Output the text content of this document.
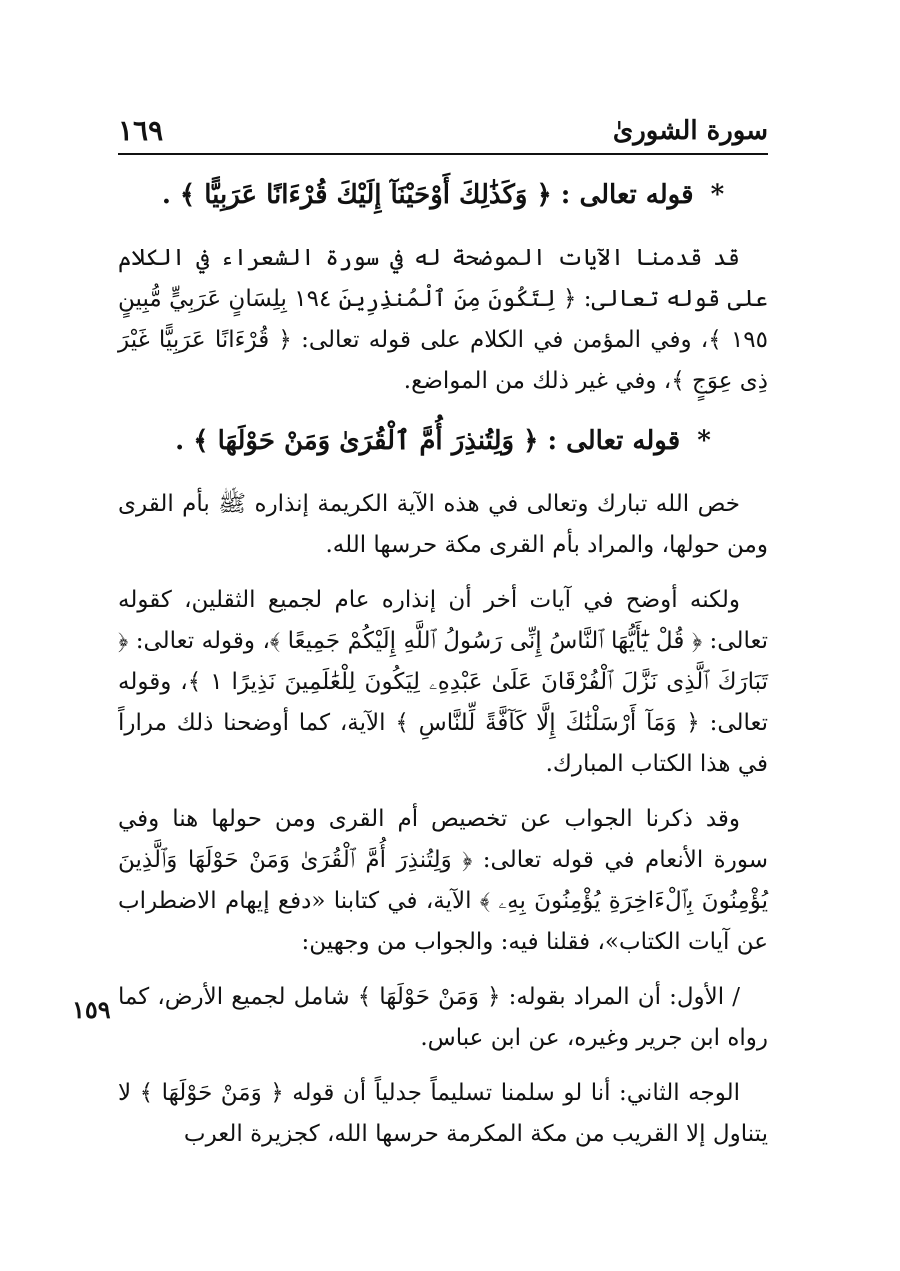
سورة الشورىٰ
١٦٩

* قوله تعالى : ﴿ وَكَذَٰلِكَ أَوْحَيْنَآ إِلَيْكَ قُرْءَانًا عَرَبِيًّا ﴾ .

قد قدمنا الآيات الموضحة له في سورة الشعراء في الكلام على قوله تعالى: ﴿ لِتَكُونَ مِنَ ٱلْمُنذِرِينَ ١٩٤ بِلِسَانٍ عَرَبِيٍّ مُّبِينٍ ١٩٥ ﴾، وفي المؤمن في الكلام على قوله تعالى: ﴿ قُرْءَانًا عَرَبِيًّا غَيْرَ ذِى عِوَجٍ ﴾، وفي غير ذلك من المواضع.

* قوله تعالى : ﴿ وَلِتُنذِرَ أُمَّ ٱلْقُرَىٰ وَمَنْ حَوْلَهَا ﴾ .

خص الله تبارك وتعالى في هذه الآية الكريمة إنذاره ﷺ بأم القرى ومن حولها، والمراد بأم القرى مكة حرسها الله.

ولكنه أوضح في آيات أخر أن إنذاره عام لجميع الثقلين، كقوله تعالى: ﴿ قُلْ يَٰٓأَيُّهَا ٱلنَّاسُ إِنِّى رَسُولُ ٱللَّهِ إِلَيْكُمْ جَمِيعًا ﴾، وقوله تعالى: ﴿ تَبَارَكَ ٱلَّذِى نَزَّلَ ٱلْفُرْقَانَ عَلَىٰ عَبْدِهِۦ لِيَكُونَ لِلْعَٰلَمِينَ نَذِيرًا ١ ﴾، وقوله تعالى: ﴿ وَمَآ أَرْسَلْنَٰكَ إِلَّا كَآفَّةً لِّلنَّاسِ ﴾ الآية، كما أوضحنا ذلك مراراً في هذا الكتاب المبارك.

وقد ذكرنا الجواب عن تخصيص أم القرى ومن حولها هنا وفي سورة الأنعام في قوله تعالى: ﴿ وَلِتُنذِرَ أُمَّ ٱلْقُرَىٰ وَمَنْ حَوْلَهَا وَٱلَّذِينَ يُؤْمِنُونَ بِٱلْءَاخِرَةِ يُؤْمِنُونَ بِهِۦ ﴾ الآية، في كتابنا «دفع إيهام الاضطراب عن آيات الكتاب»، فقلنا فيه: والجواب من وجهين:

/ الأول: أن المراد بقوله: ﴿ وَمَنْ حَوْلَهَا ﴾ شامل لجميع الأرض، كما رواه ابن جرير وغيره، عن ابن عباس.

الوجه الثاني: أنا لو سلمنا تسليماً جدلياً أن قوله ﴿ وَمَنْ حَوْلَهَا ﴾ لا يتناول إلا القريب من مكة المكرمة حرسها الله، كجزيرة العرب

١٥٩
